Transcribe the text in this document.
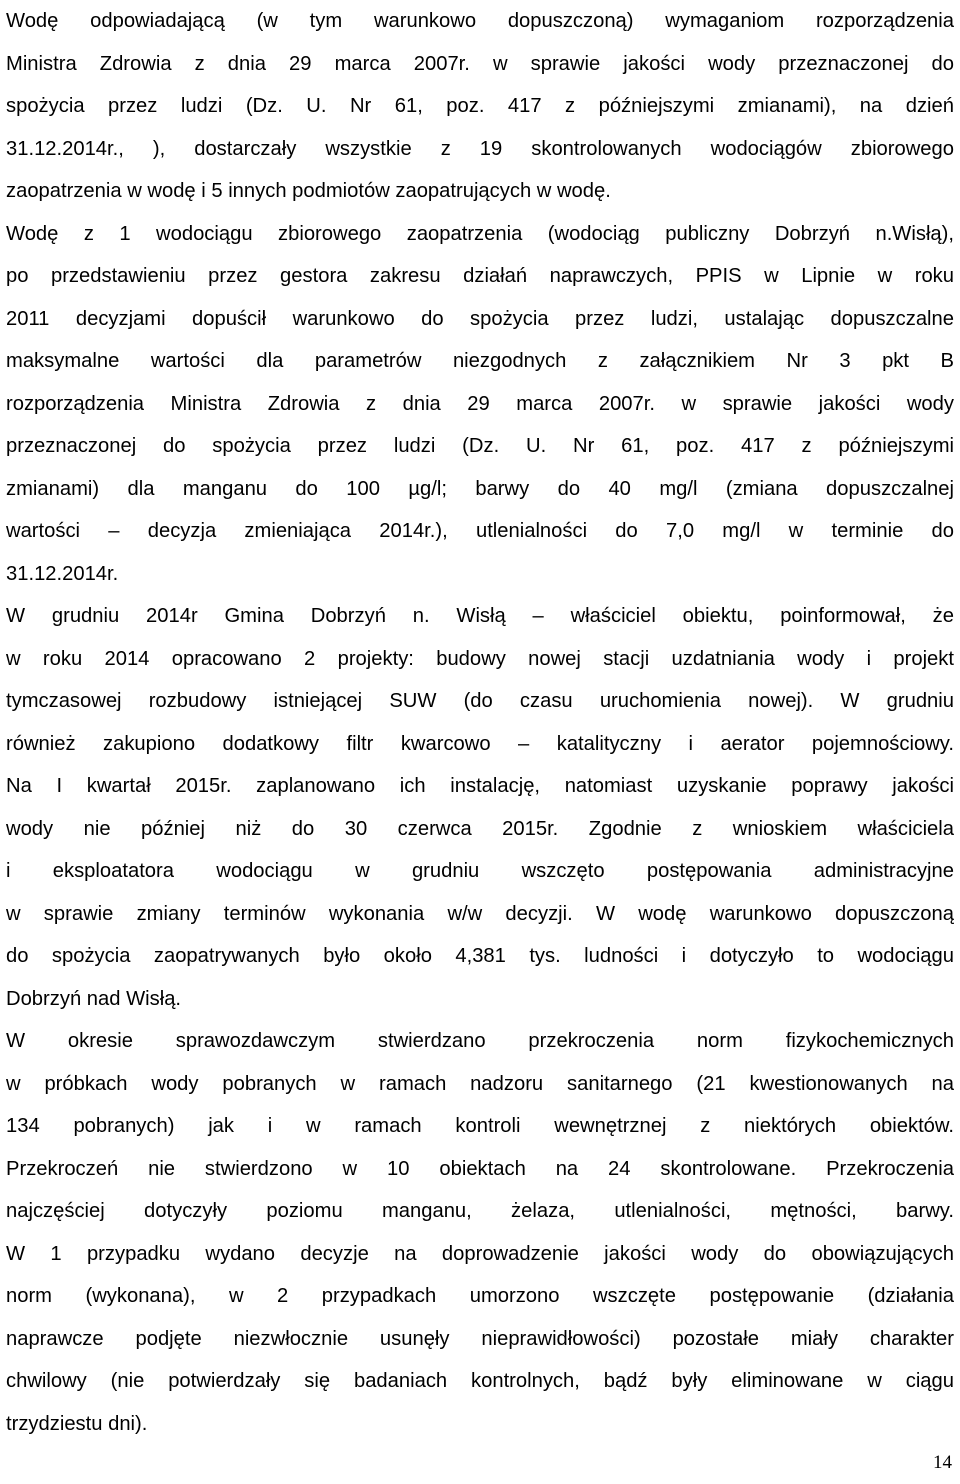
Wodę odpowiadającą (w tym warunkowo dopuszczoną) wymaganiom rozporządzenia
Ministra Zdrowia z dnia 29 marca 2007r. w sprawie jakości wody przeznaczonej do
spożycia przez ludzi (Dz. U. Nr 61, poz. 417 z późniejszymi zmianami), na dzień
31.12.2014r., ), dostarczały wszystkie z 19 skontrolowanych wodociągów zbiorowego
zaopatrzenia w wodę i 5 innych podmiotów zaopatrujących w wodę.
Wodę z 1 wodociągu zbiorowego zaopatrzenia (wodociąg publiczny Dobrzyń n.Wisłą),
po przedstawieniu przez gestora zakresu działań naprawczych, PPIS w Lipnie w roku
2011 decyzjami dopuścił warunkowo do spożycia przez ludzi, ustalając dopuszczalne
maksymalne wartości dla parametrów niezgodnych z załącznikiem Nr 3 pkt B
rozporządzenia Ministra Zdrowia z dnia 29 marca 2007r. w sprawie jakości wody
przeznaczonej do spożycia przez ludzi (Dz. U. Nr 61, poz. 417 z późniejszymi
zmianami) dla manganu do 100 µg/l; barwy do 40 mg/l (zmiana dopuszczalnej
wartości – decyzja zmieniająca 2014r.), utlenialności do 7,0 mg/l w terminie do
31.12.2014r.
W grudniu 2014r Gmina Dobrzyń n. Wisłą – właściciel obiektu, poinformował, że
w roku 2014 opracowano 2 projekty: budowy nowej stacji uzdatniania wody i projekt
tymczasowej rozbudowy istniejącej SUW (do czasu uruchomienia nowej). W grudniu
również zakupiono dodatkowy filtr kwarcowo – katalityczny i aerator pojemnościowy.
Na I kwartał 2015r. zaplanowano ich instalację, natomiast uzyskanie poprawy jakości
wody nie później niż do 30 czerwca 2015r. Zgodnie z wnioskiem właściciela
i eksploatatora wodociągu w grudniu wszczęto postępowania administracyjne
w sprawie zmiany terminów wykonania w/w decyzji. W wodę warunkowo dopuszczoną
do spożycia zaopatrywanych było około 4,381 tys. ludności i dotyczyło to wodociągu
Dobrzyń nad Wisłą.
W okresie sprawozdawczym stwierdzano przekroczenia norm fizykochemicznych
w próbkach wody pobranych w ramach nadzoru sanitarnego (21 kwestionowanych na
134 pobranych) jak i w ramach kontroli wewnętrznej z niektórych obiektów.
Przekroczeń nie stwierdzono w 10 obiektach na 24 skontrolowane. Przekroczenia
najczęściej dotyczyły poziomu manganu, żelaza, utlenialności, mętności, barwy.
W 1 przypadku wydano decyzje na doprowadzenie jakości wody do obowiązujących
norm (wykonana), w 2 przypadkach umorzono wszczęte postępowanie (działania
naprawcze podjęte niezwłocznie usunęły nieprawidłowości) pozostałe miały charakter
chwilowy (nie potwierdzały się badaniach kontrolnych, bądź były eliminowane w ciągu
trzydziestu dni).
14
